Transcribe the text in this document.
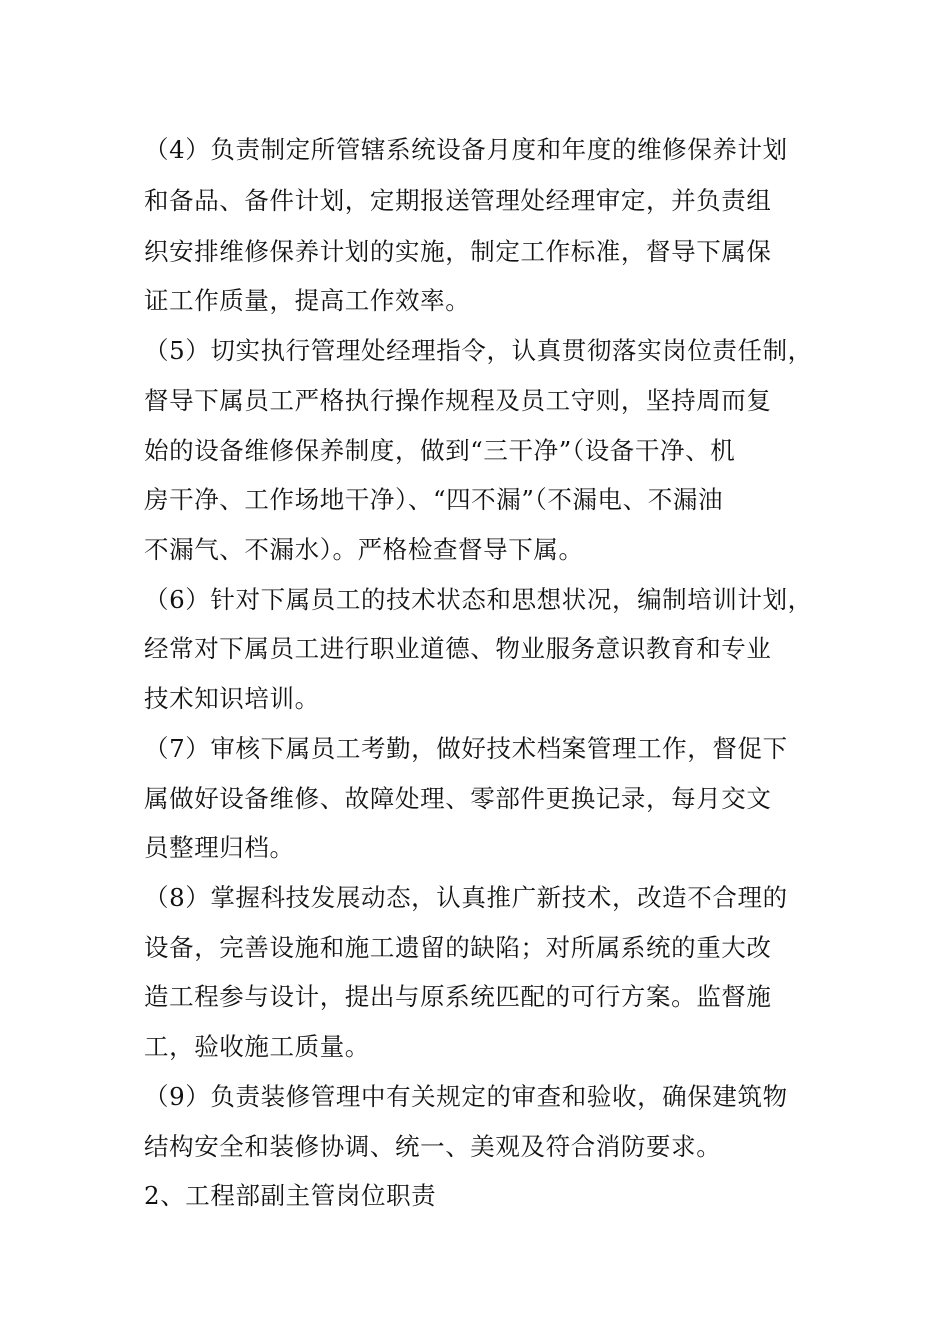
（4）负责制定所管辖系统设备月度和年度的维修保养计划
和备品、备件计划，定期报送管理处经理审定，并负责组
织安排维修保养计划的实施，制定工作标准，督导下属保
证工作质量，提高工作效率。
（5）切实执行管理处经理指令，认真贯彻落实岗位责任制，
督导下属员工严格执行操作规程及员工守则，坚持周而复
始的设备维修保养制度，做到“三干净”（设备干净、机
房干净、工作场地干净）、“四不漏”（不漏电、不漏油
不漏气、不漏水）。严格检查督导下属。
（6）针对下属员工的技术状态和思想状况，编制培训计划，
经常对下属员工进行职业道德、物业服务意识教育和专业
技术知识培训。
（7）审核下属员工考勤，做好技术档案管理工作，督促下
属做好设备维修、故障处理、零部件更换记录，每月交文
员整理归档。
（8）掌握科技发展动态，认真推广新技术，改造不合理的
设备，完善设施和施工遗留的缺陷；对所属系统的重大改
造工程参与设计，提出与原系统匹配的可行方案。监督施
工，验收施工质量。
（9）负责装修管理中有关规定的审查和验收，确保建筑物
结构安全和装修协调、统一、美观及符合消防要求。
2、工程部副主管岗位职责
